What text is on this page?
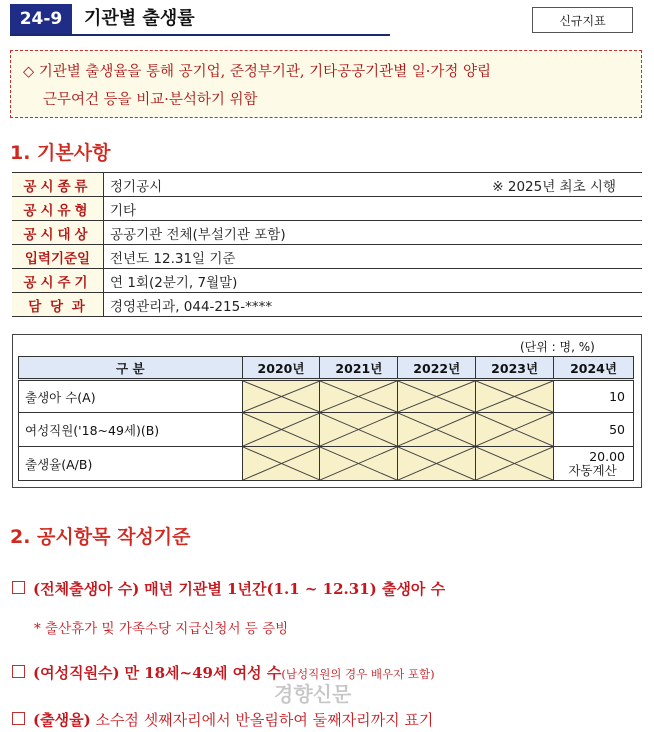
24-9	기관별 출생률	신규지표
◇ 기관별 출생율을 통해 공기업, 준정부기관, 기타공공기관별 일·가정 양립
근무여건 등을 비교·분석하기 위함
1. 기본사항
공시종류	정기공시	※ 2025년 최초 시행
공시유형	기타	
공시대상	공공기관 전체(부설기관 포함)	
입력기준일	전년도 12.31일 기준	
공시주기	연 1회(2분기, 7월말)	
담 당 과	경영관리과, 044-215-****	
(단위 : 명, %)
구 분	2020년	2021년	2022년	2023년	2024년
출생아 수(A)					10
여성직원('18~49세)(B)					50
출생율(A/B)					20.00
자동계산
2. 공시항목 작성기준
(전체출생아 수) 매년 기관별 1년간(1.1 ~ 12.31) 출생아 수
* 출산휴가 및 가족수당 지급신청서 등 증빙
(여성직원수) 만 18세~49세 여성 수(남성직원의 경우 배우자 포함)
(출생율) 소수점 셋째자리에서 반올림하여 둘째자리까지 표기
경향신문
